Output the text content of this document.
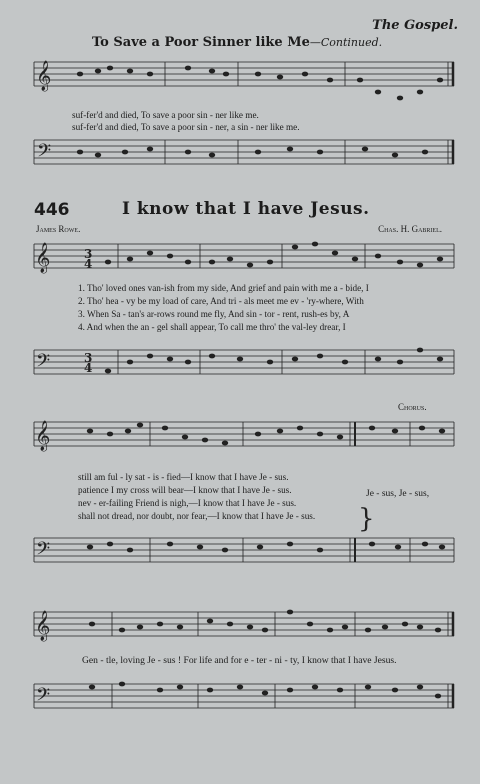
The Gospel.
To Save a Poor Sinner like Me—Continued.
𝄞
𝄢
suf-fer'd and died, To save a poor sin - ner like me.
suf-fer'd and died, To save a poor sin - ner, a sin - ner like me.
446	I know that I have Jesus.
James Rowe.	Chas. H. Gabriel.
𝄞
𝄢
3
4
3
4
1. Tho' loved ones van-ish from my side, And grief and pain with me a - bide, I
2. Tho' hea - vy be my load of care, And tri - als meet me ev - 'ry-where, With
3. When Sa - tan's ar-rows round me fly, And sin - tor - rent, rush-es by, A
4. And when the an - gel shall appear, To call me thro' the val-ley drear, I
Chorus.
𝄞
𝄢
}
still am ful - ly sat - is - fied—I know that I have Je - sus.
patience I my cross will bear—I know that I have Je - sus.
nev - er-failing Friend is nigh,—I know that I have Je - sus.
shall not dread, nor doubt, nor fear,—I know that I have Je - sus.
Je - sus, Je - sus,
𝄞
𝄢
Gen - tle, loving Je - sus ! For life and for e - ter - ni - ty, I know that I have Jesus.
